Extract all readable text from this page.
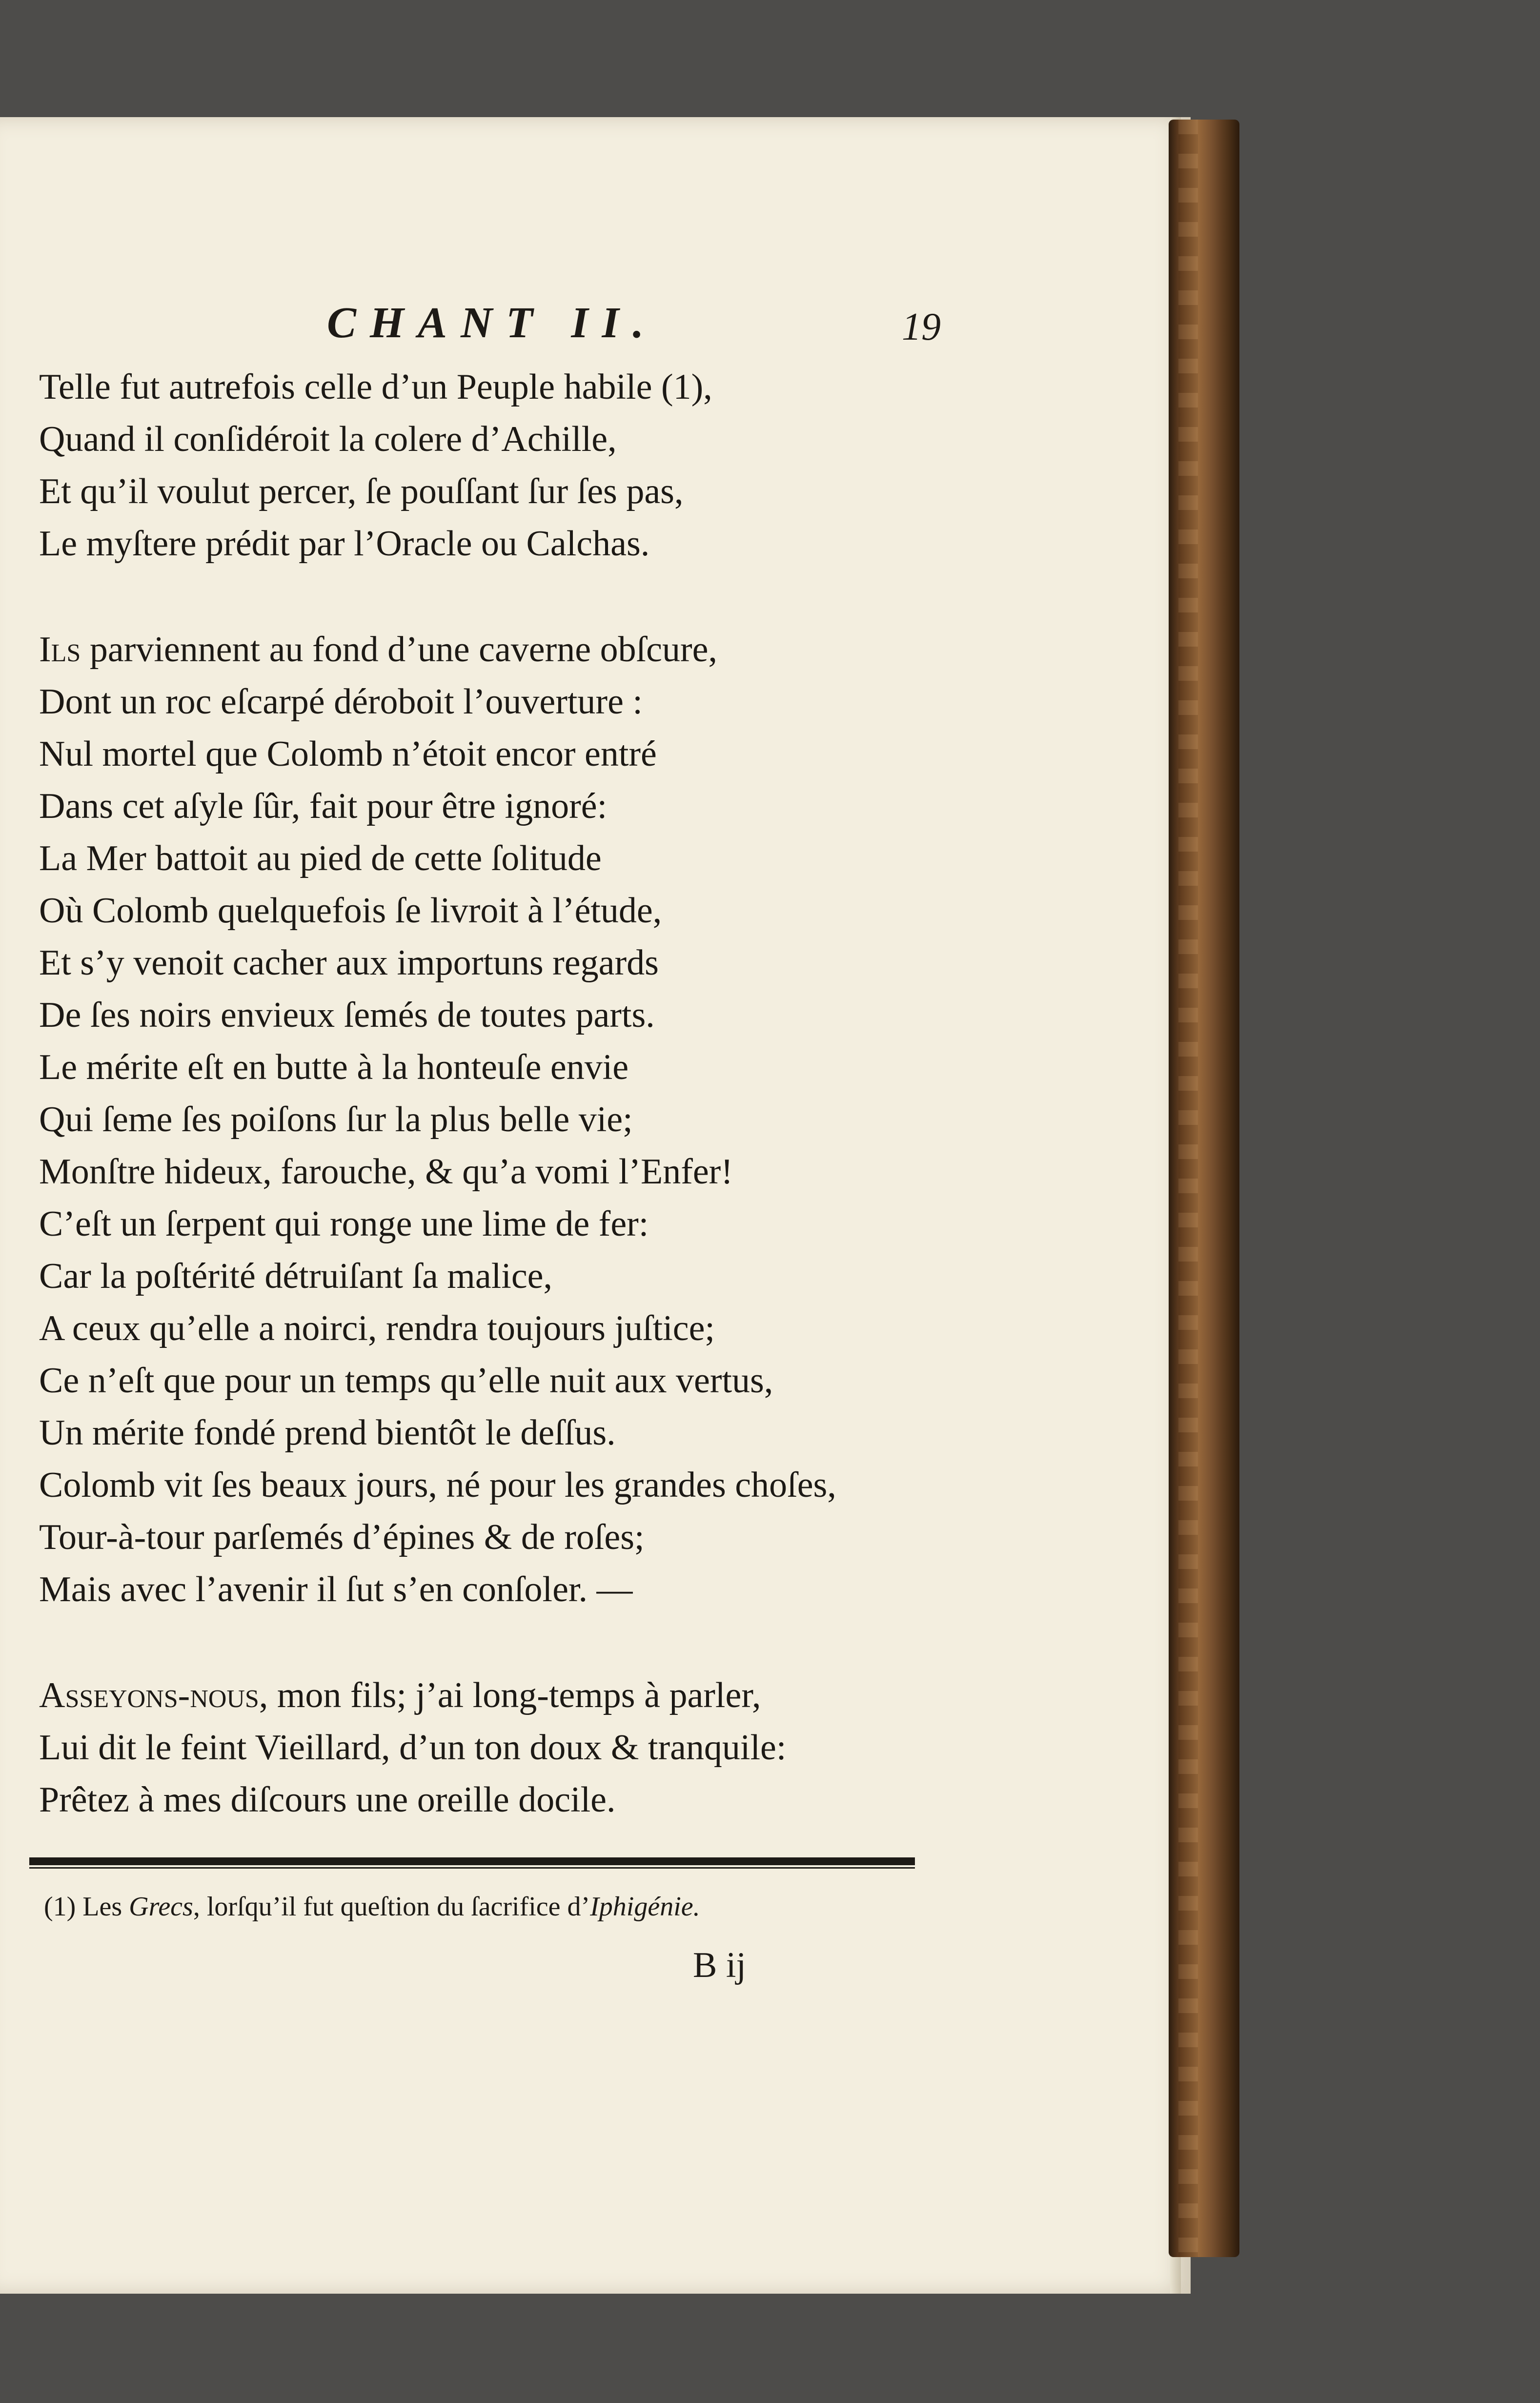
CHANT II.	19

Telle fut autrefois celle d’un Peuple habile (1),

Quand il conſidéroit la colere d’Achille,

Et qu’il voulut percer, ſe pouſſant ſur ſes pas,

Le myſtere prédit par l’Oracle ou Calchas.

Ils parviennent au fond d’une caverne obſcure,

Dont un roc eſcarpé déroboit l’ouverture :

Nul mortel que Colomb n’étoit encor entré

Dans cet aſyle ſûr, fait pour être ignoré:

La Mer battoit au pied de cette ſolitude

Où Colomb quelquefois ſe livroit à l’étude,

Et s’y venoit cacher aux importuns regards

De ſes noirs envieux ſemés de toutes parts.

Le mérite eſt en butte à la honteuſe envie

Qui ſeme ſes poiſons ſur la plus belle vie;

Monſtre hideux, farouche, & qu’a vomi l’Enfer!

C’eſt un ſerpent qui ronge une lime de fer:

Car la poſtérité détruiſant ſa malice,

A ceux qu’elle a noirci, rendra toujours juſtice;

Ce n’eſt que pour un temps qu’elle nuit aux vertus,

Un mérite fondé prend bientôt le deſſus.

Colomb vit ſes beaux jours, né pour les grandes choſes,

Tour-à-tour parſemés d’épines & de roſes;

Mais avec l’avenir il ſut s’en conſoler. —

Asseyons-nous, mon fils; j’ai long-temps à parler,

Lui dit le feint Vieillard, d’un ton doux & tranquile:

Prêtez à mes diſcours une oreille docile.

(1) Les Grecs, lorſqu’il fut queſtion du ſacrifice d’Iphigénie.
B ij
